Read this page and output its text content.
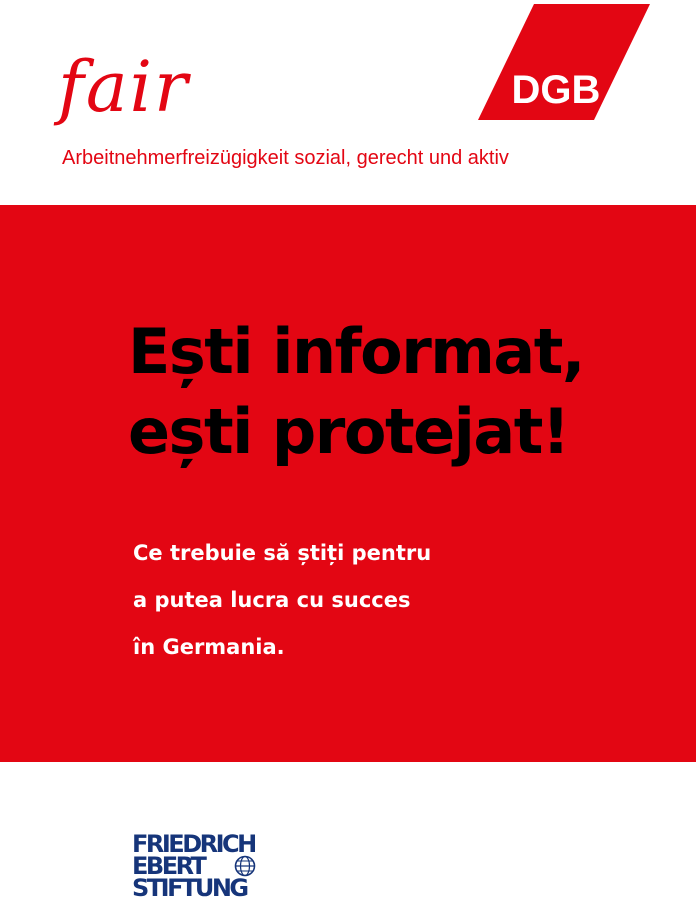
fair
Arbeitnehmerfreizügigkeit sozial, gerecht und aktiv
DGB
Ești informat,
ești protejat!
Ce trebuie să știți pentru
a putea lucra cu succes
în Germania.
FRIEDRICH
EBERT
STIFTUNG
